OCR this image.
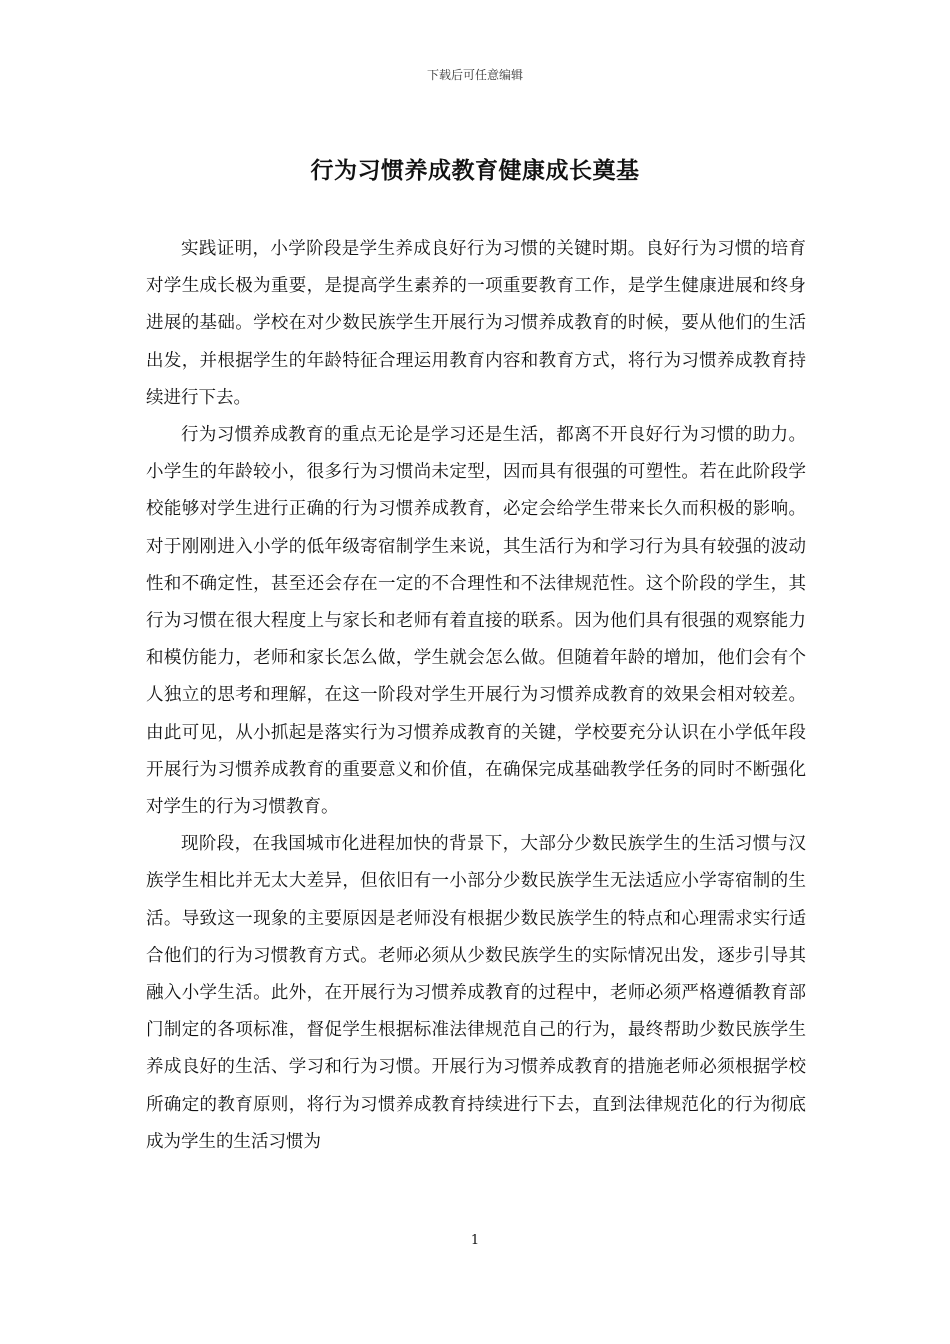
下载后可任意编辑
行为习惯养成教育健康成长奠基

实践证明，小学阶段是学生养成良好行为习惯的关键时期。良好行为习惯的培育对学生成长极为重要，是提高学生素养的一项重要教育工作，是学生健康进展和终身进展的基础。学校在对少数民族学生开展行为习惯养成教育的时候，要从他们的生活出发，并根据学生的年龄特征合理运用教育内容和教育方式，将行为习惯养成教育持续进行下去。

行为习惯养成教育的重点无论是学习还是生活，都离不开良好行为习惯的助力。小学生的年龄较小，很多行为习惯尚未定型，因而具有很强的可塑性。若在此阶段学校能够对学生进行正确的行为习惯养成教育，必定会给学生带来长久而积极的影响。对于刚刚进入小学的低年级寄宿制学生来说，其生活行为和学习行为具有较强的波动性和不确定性，甚至还会存在一定的不合理性和不法律规范性。这个阶段的学生，其行为习惯在很大程度上与家长和老师有着直接的联系。因为他们具有很强的观察能力和模仿能力，老师和家长怎么做，学生就会怎么做。但随着年龄的增加，他们会有个人独立的思考和理解，在这一阶段对学生开展行为习惯养成教育的效果会相对较差。由此可见，从小抓起是落实行为习惯养成教育的关键，学校要充分认识在小学低年段开展行为习惯养成教育的重要意义和价值，在确保完成基础教学任务的同时不断强化对学生的行为习惯教育。

现阶段，在我国城市化进程加快的背景下，大部分少数民族学生的生活习惯与汉族学生相比并无太大差异，但依旧有一小部分少数民族学生无法适应小学寄宿制的生活。导致这一现象的主要原因是老师没有根据少数民族学生的特点和心理需求实行适合他们的行为习惯教育方式。老师必须从少数民族学生的实际情况出发，逐步引导其融入小学生活。此外，在开展行为习惯养成教育的过程中，老师必须严格遵循教育部门制定的各项标准，督促学生根据标准法律规范自己的行为，最终帮助少数民族学生养成良好的生活、学习和行为习惯。开展行为习惯养成教育的措施老师必须根据学校所确定的教育原则，将行为习惯养成教育持续进行下去，直到法律规范化的行为彻底成为学生的生活习惯为

1
